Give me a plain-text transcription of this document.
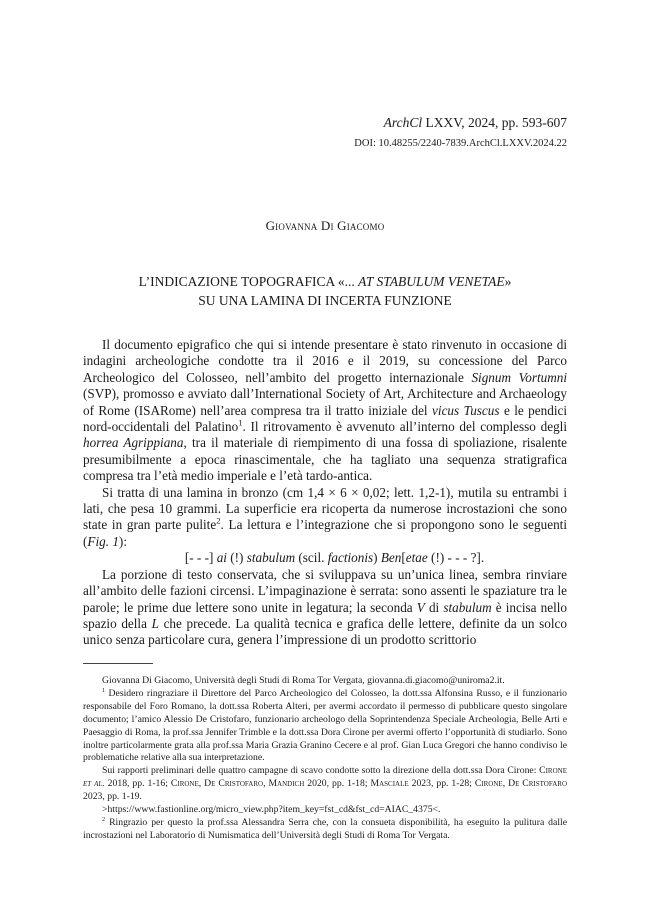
ArchCl LXXV, 2024, pp. 593-607
DOI: 10.48255/2240-7839.ArchCl.LXXV.2024.22
Giovanna Di Giacomo
L’INDICAZIONE TOPOGRAFICA «... AT STABULUM VENETAE»
SU UNA LAMINA DI INCERTA FUNZIONE

Il documento epigrafico che qui si intende presentare è stato rinvenuto in occasione di indagini archeologiche condotte tra il 2016 e il 2019, su concessione del Parco Archeologico del Colosseo, nell’ambito del progetto internazionale Signum Vortumni (SVP), promosso e avviato dall’International Society of Art, Architecture and Archaeology of Rome (ISARome) nell’area compresa tra il tratto iniziale del vicus Tuscus e le pendici nord-occidentali del Palatino$^1$. Il ritrovamento è avvenuto all’interno del complesso degli horrea Agrippiana, tra il materiale di riempimento di una fossa di spoliazione, risalente presumibilmente a epoca rinascimentale, che ha tagliato una sequenza stratigrafica compresa tra l’età medio imperiale e l’età tardo-antica.

Si tratta di una lamina in bronzo (cm 1,4 × 6 × 0,02; lett. 1,2-1), mutila su entrambi i lati, che pesa 10 grammi. La superficie era ricoperta da numerose incrostazioni che sono state in gran parte pulite$^2$. La lettura e l’integrazione che si propongono sono le seguenti (Fig. 1):

[- - -] ai (!) stabulum (scil. factionis) Ben[etae (!) - - - ?].

La porzione di testo conservata, che si sviluppava su un’unica linea, sembra rinviare all’ambito delle fazioni circensi. L’impaginazione è serrata: sono assenti le spaziature tra le parole; le prime due lettere sono unite in legatura; la seconda V di stabulum è incisa nello spazio della L che precede. La qualità tecnica e grafica delle lettere, definite da un solco unico senza particolare cura, genera l’impressione di un prodotto scrittorio

Giovanna Di Giacomo, Università degli Studi di Roma Tor Vergata, giovanna.di.giacomo@uniroma2.it.

$^1$ Desidero ringraziare il Direttore del Parco Archeologico del Colosseo, la dott.ssa Alfonsina Russo, e il funzionario responsabile del Foro Romano, la dott.ssa Roberta Alteri, per avermi accordato il permesso di pubblicare questo singolare documento; l’amico Alessio De Cristofaro, funzionario archeologo della Soprintendenza Speciale Archeologia, Belle Arti e Paesaggio di Roma, la prof.ssa Jennifer Trimble e la dott.ssa Dora Cirone per avermi offerto l’opportunità di studiarlo. Sono inoltre particolarmente grata alla prof.ssa Maria Grazia Granino Cecere e al prof. Gian Luca Gregori che hanno condiviso le problematiche relative alla sua interpretazione.

Sui rapporti preliminari delle quattro campagne di scavo condotte sotto la direzione della dott.ssa Dora Cirone: Cirone et al. 2018, pp. 1-16; Cirone, De Cristofaro, Mandich 2020, pp. 1-18; Masciale 2023, pp. 1-28; Cirone, De Cristofaro 2023, pp. 1-19.

>https://www.fastionline.org/micro_view.php?item_key=fst_cd&fst_cd=AIAC_4375<.

$^2$ Ringrazio per questo la prof.ssa Alessandra Serra che, con la consueta disponibilità, ha eseguito la pulitura dalle incrostazioni nel Laboratorio di Numismatica dell’Università degli Studi di Roma Tor Vergata.
